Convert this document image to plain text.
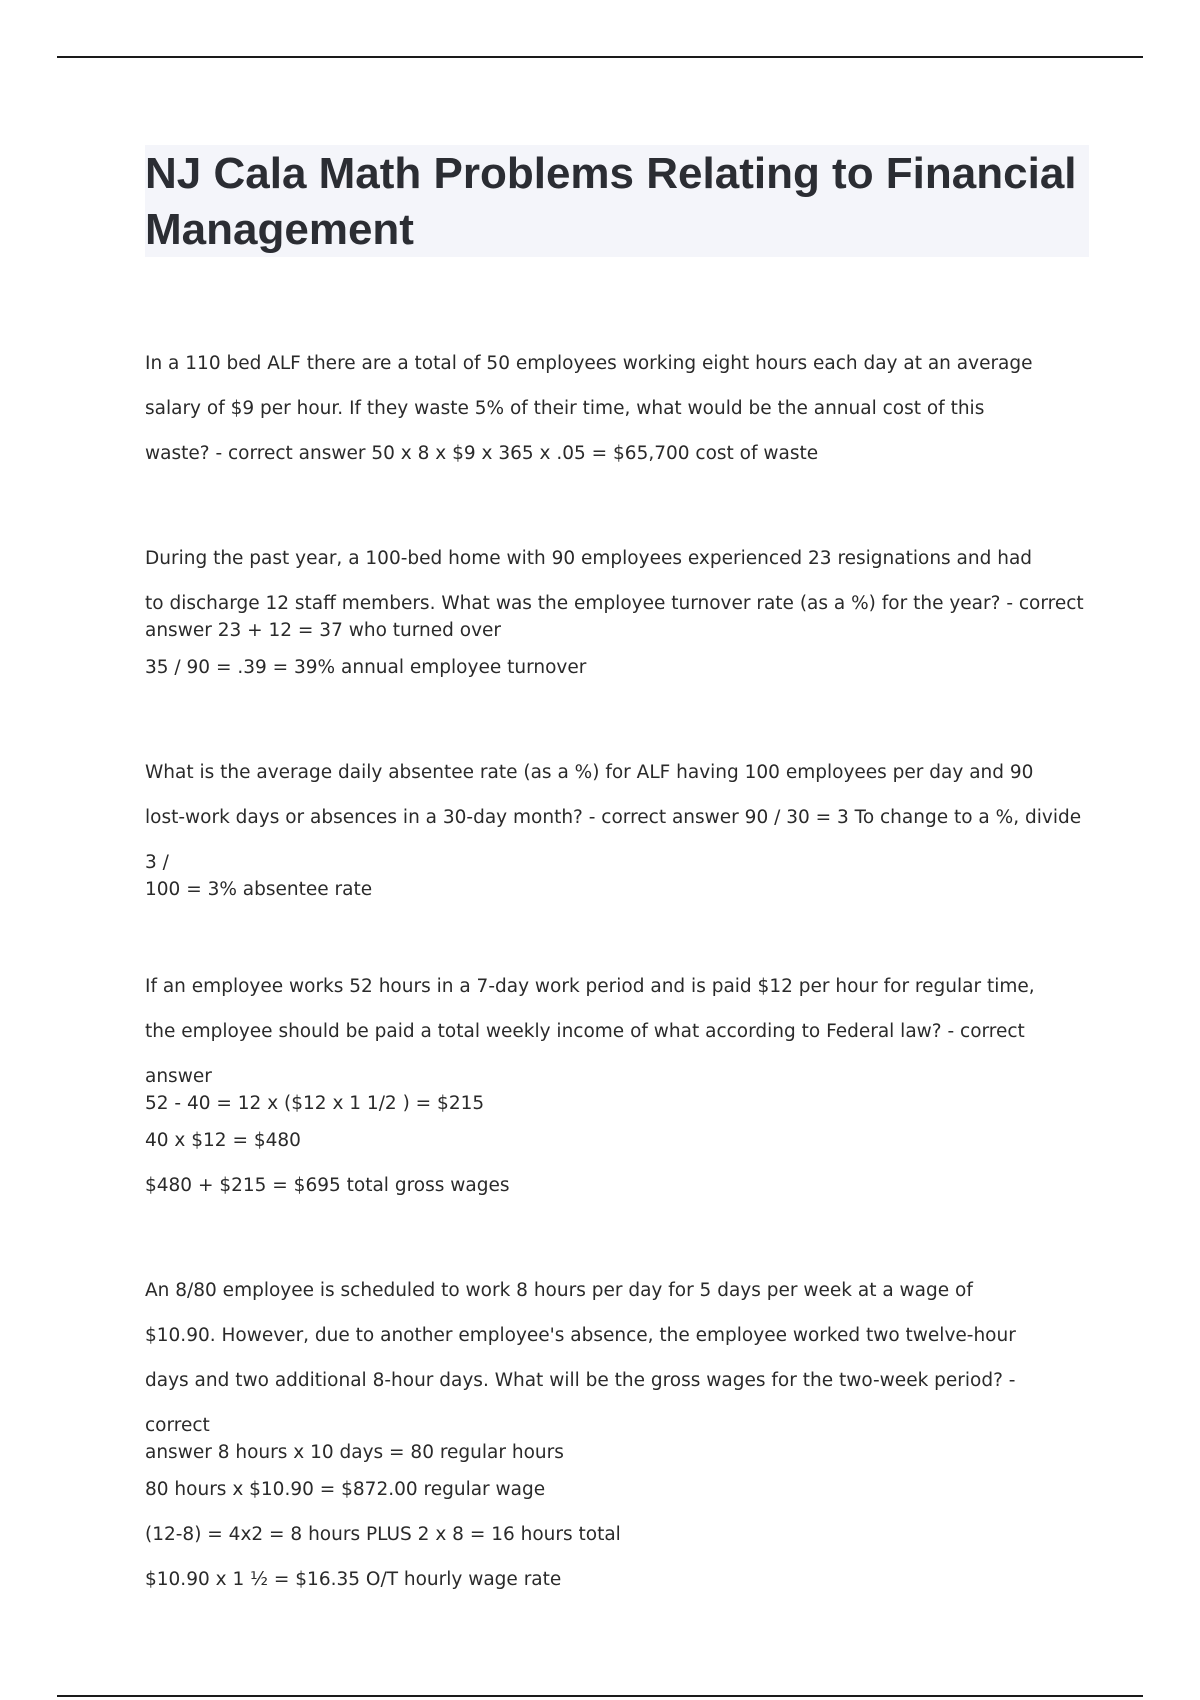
NJ Cala Math Problems Relating to Financial Management

In a 110 bed ALF there are a total of 50 employees working eight hours each day at an average

salary of $9 per hour. If they waste 5% of their time, what would be the annual cost of this

waste? - correct answer 50 x 8 x $9 x 365 x .05 = $65,700 cost of waste

During the past year, a 100-bed home with 90 employees experienced 23 resignations and had

to discharge 12 staff members. What was the employee turnover rate (as a %) for the year? - correct

answer 23 + 12 = 37 who turned over

35 / 90 = .39 = 39% annual employee turnover

What is the average daily absentee rate (as a %) for ALF having 100 employees per day and 90

lost-work days or absences in a 30-day month? - correct answer 90 / 30 = 3 To change to a %, divide 3 /

100 = 3% absentee rate

If an employee works 52 hours in a 7-day work period and is paid $12 per hour for regular time,

the employee should be paid a total weekly income of what according to Federal law? - correct answer

52 - 40 = 12 x ($12 x 1 1/2 ) = $215

40 x $12 = $480

$480 + $215 = $695 total gross wages

An 8/80 employee is scheduled to work 8 hours per day for 5 days per week at a wage of

$10.90. However, due to another employee's absence, the employee worked two twelve-hour

days and two additional 8-hour days. What will be the gross wages for the two-week period? - correct

answer 8 hours x 10 days = 80 regular hours

80 hours x $10.90 = $872.00 regular wage

(12-8) = 4x2 = 8 hours PLUS 2 x 8 = 16 hours total

$10.90 x 1 ½ = $16.35 O/T hourly wage rate
